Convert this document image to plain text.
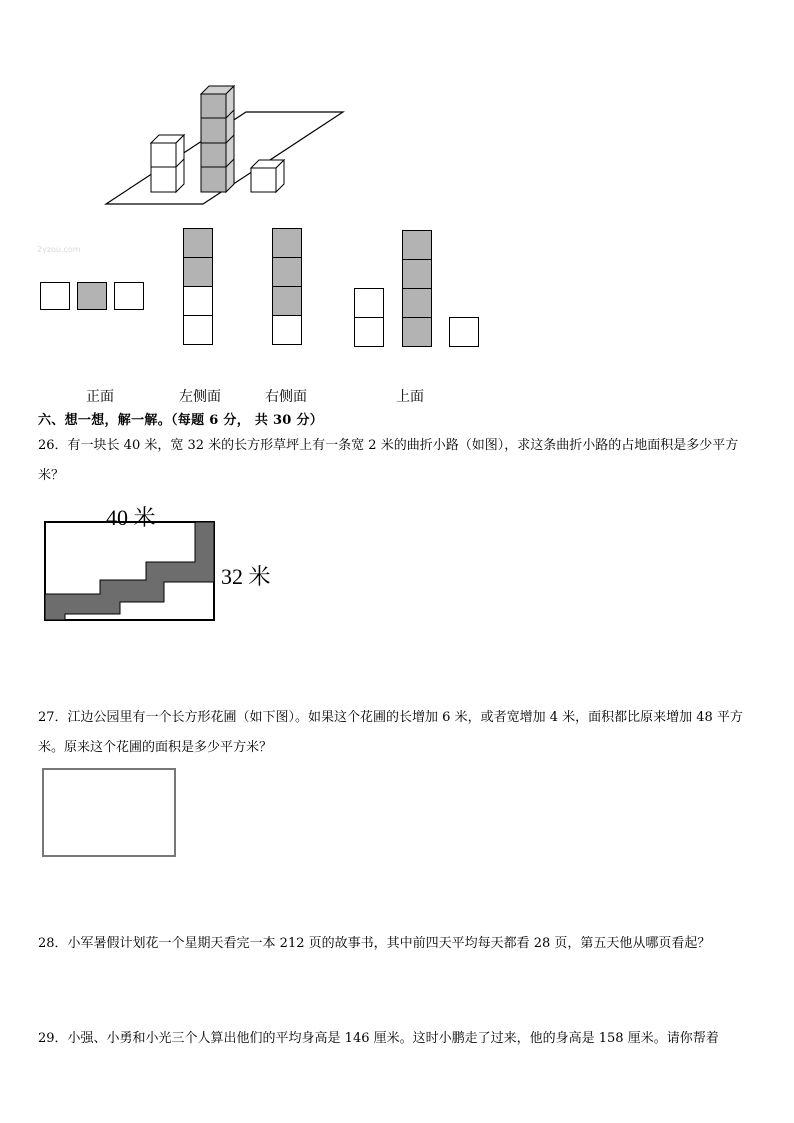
2yzou.com
正面	左侧面	右侧面	上面
六、想一想，解一解。（每题 6 分， 共 30 分）
26．有一块长 40 米，宽 32 米的长方形草坪上有一条宽 2 米的曲折小路（如图），求这条曲折小路的占地面积是多少平方米？
40 米
32 米
27．江边公园里有一个长方形花圃（如下图）。如果这个花圃的长增加 6 米，或者宽增加 4 米，面积都比原来增加 48 平方米。原来这个花圃的面积是多少平方米？
28．小军暑假计划花一个星期天看完一本 212 页的故事书，其中前四天平均每天都看 28 页，第五天他从哪页看起？
29．小强、小勇和小光三个人算出他们的平均身高是 146 厘米。这时小鹏走了过来，他的身高是 158 厘米。请你帮着
